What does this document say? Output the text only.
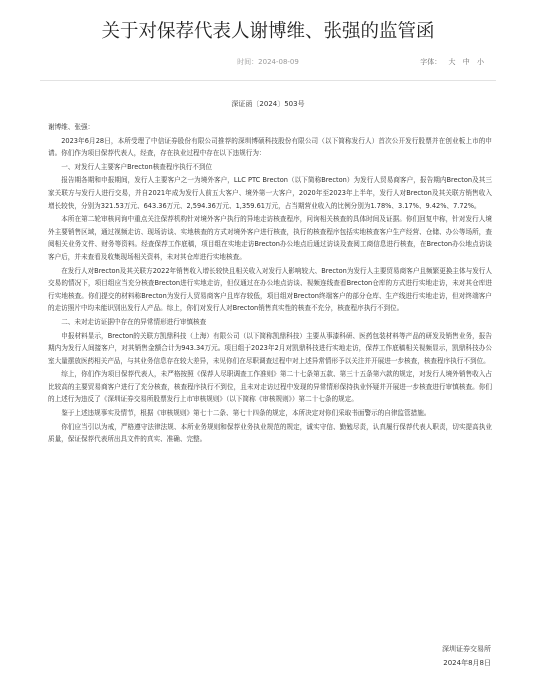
关于对保荐代表人谢博维、张强的监管函
时间：2024-08-09	字体： 大 中 小
深证函〔2024〕503号

谢博维、张强：

2023年6月28日，本所受理了中信证券股份有限公司推荐的深圳博硕科技股份有限公司（以下简称发行人）首次公开发行股票并在创业板上市的申请。你们作为项目保荐代表人，经查，存在执业过程中存在以下违规行为：

一、对发行人主要客户Brecton核查程序执行不到位

报告期各期和申报期间，发行人主要客户之一为境外客户，LLC PTC Brecton（以下简称Brecton）为发行人贸易商客户，报告期内Brecton及其三家关联方与发行人进行交易，并自2021年成为发行人前五大客户、境外第一大客户，2020年至2023年上半年，发行人对Brecton及其关联方销售收入增长较快，分别为321.53万元、643.36万元、2,594.36万元、1,359.61万元，占当期营业收入的比例分别为1.78%、3.17%、9.42%、7.72%。

本所在第二轮审核问询中重点关注保荐机构针对境外客户执行的异地走访核查程序，问询相关核查的具体时间及证据。你们回复中称，针对发行人境外主要销售区域，通过视频走访、现场访谈、实地核查的方式对境外客户进行核查，执行的核查程序包括实地核查客户生产经营、仓储、办公等场所，查阅相关业务文件、财务等资料。经查保荐工作底稿，项目组在实地走访Brecton办公地点后通过访谈及查阅工商信息进行核查，在Brecton办公地点访谈客户后，并未查看及收集现场相关资料，未对其仓库进行实地核查。

在发行人对Brecton及其关联方2022年销售收入增长较快且相关收入对发行人影响较大、Brecton为发行人主要贸易商客户且频繁更换主体与发行人交易的情况下，项目组应当充分核查Brecton进行实地走访，但仅通过在办公地点访谈、视频连线查看Brecton仓库的方式进行实地走访，未对其仓库进行实地核查。你们提交的材料称Brecton为发行人贸易商客户且库存较低，项目组对Brecton终端客户的部分仓库、生产线进行实地走访，但对终端客户的走访照片中均未能识别出发行人产品。综上，你们对发行人对Brecton销售真实性的核查不充分，核查程序执行不到位。

二、未对走访证据中存在的异常情形进行审慎核查

申报材料显示，Brecton的关联方凯鼎科技（上海）有限公司（以下简称凯鼎科技）主要从事漆科研、医药包装材料等产品的研发及销售业务，报告期内为发行人间接客户，对其销售金额合计为943.34万元。项目组于2023年2月对凯鼎科技进行实地走访，保荐工作底稿相关视频显示，凯鼎科技办公室大量摆放医药相关产品，与其业务信息存在较大差异，未见你们在尽职调查过程中对上述异常情形予以关注并开展进一步核查，核查程序执行不到位。

综上，你们作为项目保荐代表人，未严格按照《保荐人尽职调查工作准则》第二十七条第五款、第三十五条第六款的规定，对发行人境外销售收入占比较高的主要贸易商客户进行了充分核查，核查程序执行不到位，且未对走访过程中发现的异常情形保持执业怀疑并开展进一步核查进行审慎核查。你们的上述行为违反了《深圳证券交易所股票发行上市审核规则》（以下简称《审核规则》）第二十七条的规定。

鉴于上述违规事实及情节，根据《审核规则》第七十二条、第七十四条的规定，本所决定对你们采取书面警示的自律监管措施。

你们应当引以为戒，严格遵守法律法规、本所业务规则和保荐业务执业规范的规定，诚实守信、勤勉尽责，认真履行保荐代表人职责，切实提高执业质量，保证保荐代表所出具文件的真实、准确、完整。

深圳证券交易所
2024年8月8日
